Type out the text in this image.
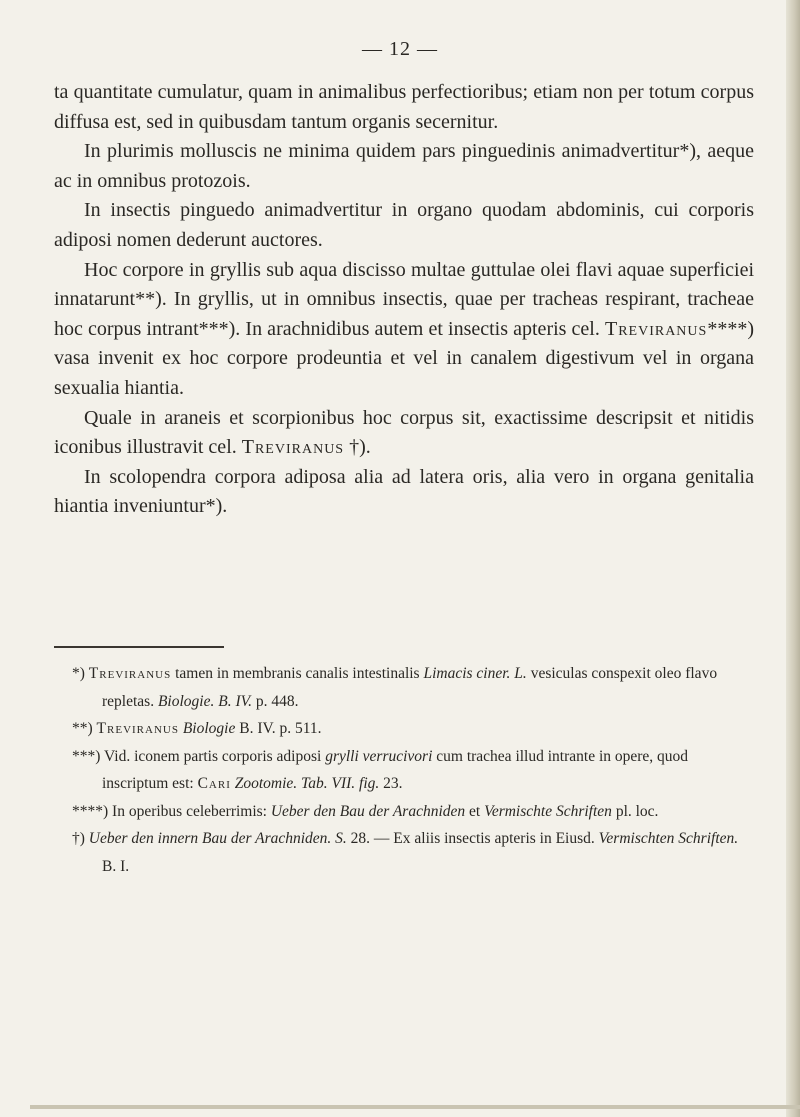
— 12 —

ta quantitate cumulatur, quam in animalibus perfectioribus; etiam non per totum corpus diffusa est, sed in quibusdam tantum organis secernitur.

In plurimis molluscis ne minima quidem pars pinguedinis animadvertitur*), aeque ac in omnibus protozois.

In insectis pinguedo animadvertitur in organo quodam abdominis, cui corporis adiposi nomen dederunt auctores.

Hoc corpore in gryllis sub aqua discisso multae guttulae olei flavi aquae superficiei innatarunt**). In gryllis, ut in omnibus insectis, quae per tracheas respirant, tracheae hoc corpus intrant***). In arachnidibus autem et insectis apteris cel. Treviranus****) vasa invenit ex hoc corpore prodeuntia et vel in canalem digestivum vel in organa sexualia hiantia.

Quale in araneis et scorpionibus hoc corpus sit, exactissime descripsit et nitidis iconibus illustravit cel. Treviranus †).

In scolopendra corpora adiposa alia ad latera oris, alia vero in organa genitalia hiantia inveniuntur*).

*) Treviranus tamen in membranis canalis intestinalis Limacis ciner. L. vesiculas conspexit oleo flavo repletas. Biologie. B. IV. p. 448.

**) Treviranus Biologie B. IV. p. 511.

***) Vid. iconem partis corporis adiposi grylli verrucivori cum trachea illud intrante in opere, quod inscriptum est: Cari Zootomie. Tab. VII. fig. 23.

****) In operibus celeberrimis: Ueber den Bau der Arachniden et Vermischte Schriften pl. loc.

†) Ueber den innern Bau der Arachniden. S. 28. — Ex aliis insectis apteris in Eiusd. Vermischten Schriften. B. I.
